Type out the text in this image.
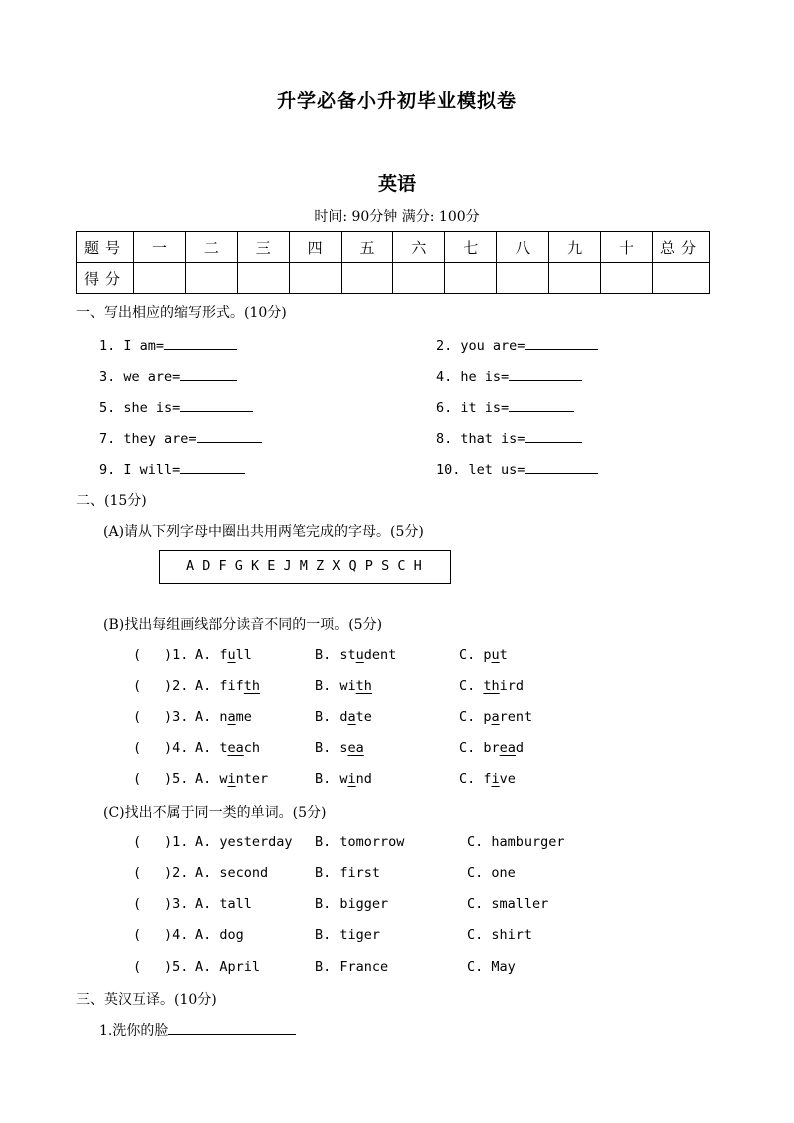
升学必备小升初毕业模拟卷
英语
时间: 90分钟 满分: 100分
题号	一	二	三	四	五	六	七	八	九	十	总分
得分											
一、写出相应的缩写形式。(10分)
1. I am=	2. you are=
3. we are=	4. he is=
5. she is=	6. it is=
7. they are=	8. that is=
9. I will=	10. let us=
二、(15分)
(A)请从下列字母中圈出共用两笔完成的字母。(5分)
A D F G K E J M Z X Q P S C H
(B)找出每组画线部分读音不同的一项。(5分)
( )1. A. full	B. student	C. put
( )2. A. fifth	B. with	C. third
( )3. A. name	B. date	C. parent
( )4. A. teach	B. sea	C. bread
( )5. A. winter	B. wind	C. five
(C)找出不属于同一类的单词。(5分)
( )1. A. yesterday B. tomorrow	C. hamburger
( )2. A. second	B. first	C. one
( )3. A. tall	B. bigger	C. smaller
( )4. A. dog	B. tiger	C. shirt
( )5. A. April	B. France	C. May
三、英汉互译。(10分)
1.洗你的脸
